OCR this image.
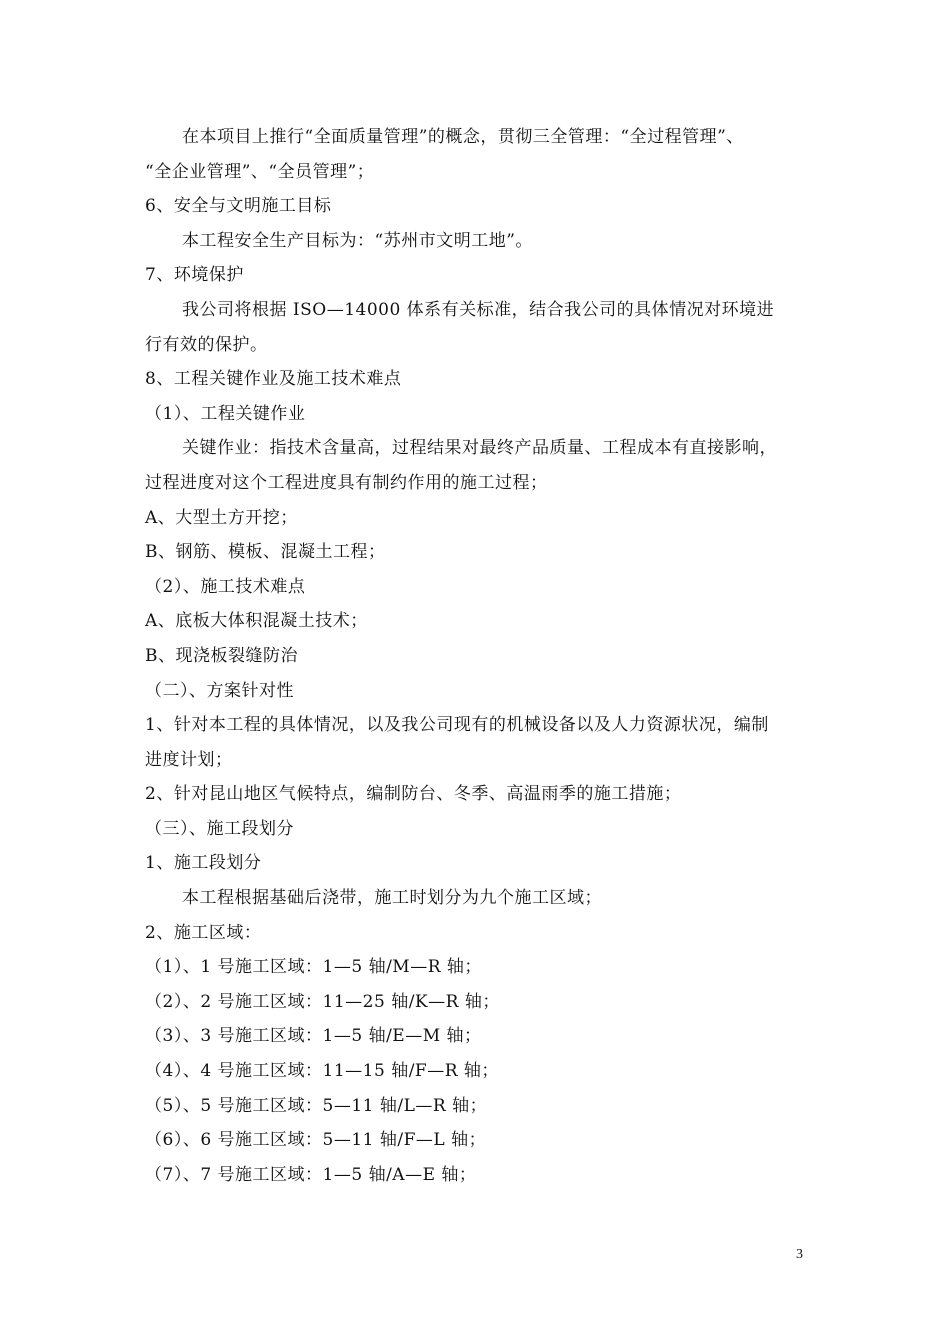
在本项目上推行“全面质量管理”的概念，贯彻三全管理：“全过程管理”、
“全企业管理”、“全员管理”；
6、安全与文明施工目标
本工程安全生产目标为：“苏州市文明工地”。
7、环境保护
我公司将根据 ISO—14000 体系有关标准，结合我公司的具体情况对环境进
行有效的保护。
8、工程关键作业及施工技术难点
（1）、工程关键作业
关键作业：指技术含量高，过程结果对最终产品质量、工程成本有直接影响，
过程进度对这个工程进度具有制约作用的施工过程；
A、大型土方开挖；
B、钢筋、模板、混凝土工程；
（2）、施工技术难点
A、底板大体积混凝土技术；
B、现浇板裂缝防治
（二）、方案针对性
1、针对本工程的具体情况，以及我公司现有的机械设备以及人力资源状况，编制
进度计划；
2、针对昆山地区气候特点，编制防台、冬季、高温雨季的施工措施；
（三）、施工段划分
1、施工段划分
本工程根据基础后浇带，施工时划分为九个施工区域；
2、施工区域：
（1）、1 号施工区域：1—5 轴/M—R 轴；
（2）、2 号施工区域：11—25 轴/K—R 轴；
（3）、3 号施工区域：1—5 轴/E—M 轴；
（4）、4 号施工区域：11—15 轴/F—R 轴；
（5）、5 号施工区域：5—11 轴/L—R 轴；
（6）、6 号施工区域：5—11 轴/F—L 轴；
（7）、7 号施工区域：1—5 轴/A—E 轴；
3
